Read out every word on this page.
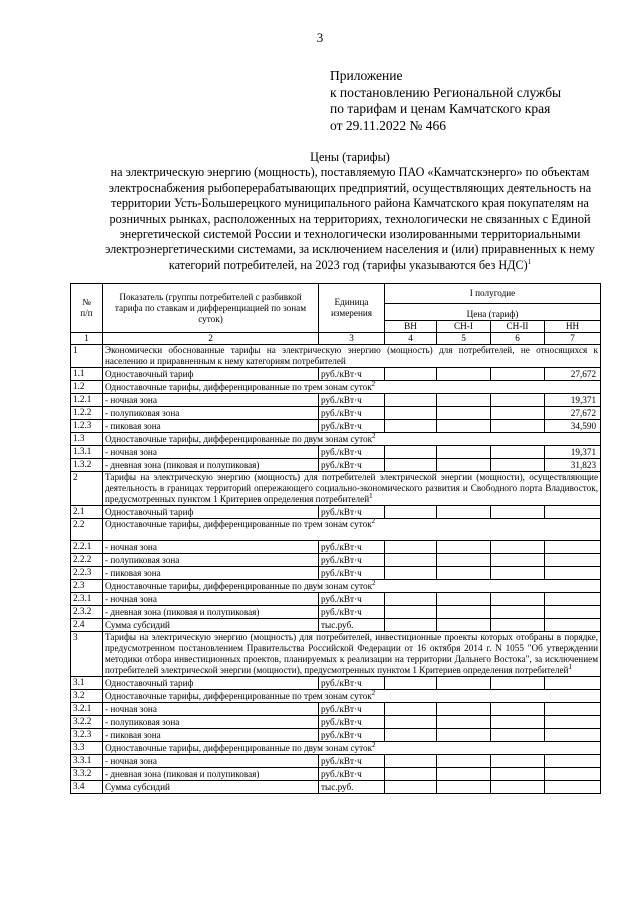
3
Приложение
к постановлению Региональной службы
по тарифам и ценам Камчатского края
от 29.11.2022 № 466
Цены (тарифы)
на электрическую энергию (мощность), поставляемую ПАО «Камчатскэнерго» по объектам электроснабжения рыбоперерабатывающих предприятий, осуществляющих деятельность на территории Усть-Большерецкого муниципального района Камчатского края покупателям на розничных рынках, расположенных на территориях, технологически не связанных с Единой энергетической системой России и технологически изолированными территориальными электроэнергетическими системами, за исключением населения и (или) приравненных к нему категорий потребителей, на 2023 год (тарифы указываются без НДС)$^1$
№
п/п	Показатель (группы потребителей с разбивкой тарифа по ставкам и дифференциацией по зонам суток)	Единица измерения	I полугодие			
			Цена (тариф)			
			ВН	СН-I	СН-II	НН
1	2	3	4	5	6	7
1	Экономически обоснованные тарифы на электрическую энергию (мощность) для потребителей, не относящихся к населению и приравненным к нему категориям потребителей					
1.1	Одноставочный тариф	руб./кВт·ч				27,672
1.2	Одноставочные тарифы, дифференцированные по трем зонам суток$^2$
1.2.1	- ночная зона	руб./кВт·ч				19,371
1.2.2	- полупиковая зона	руб./кВт·ч				27,672
1.2.3	- пиковая зона	руб./кВт·ч				34,590
1.3	Одноставочные тарифы, дифференцированные по двум зонам суток$^2$
1.3.1	- ночная зона	руб./кВт·ч				19,371
1.3.2	- дневная зона (пиковая и полупиковая)	руб./кВт·ч				31,823
2	Тарифы на электрическую энергию (мощность) для потребителей электрической энергии (мощности), осуществляющие деятельность в границах территорий опережающего социально-экономического развития и Свободного порта Владивосток, предусмотренных пунктом 1 Критериев определения потребителей$^1$
2.1	Одноставочный тариф	руб./кВт·ч				
2.2	Одноставочные тарифы, дифференцированные по трем зонам суток$^2$
2.2.1	- ночная зона	руб./кВт·ч				
2.2.2	- полупиковая зона	руб./кВт·ч				
2.2.3	- пиковая зона	руб./кВт·ч				
2.3	Одноставочные тарифы, дифференцированные по двум зонам суток$^2$
2.3.1	- ночная зона	руб./кВт·ч				
2.3.2	- дневная зона (пиковая и полупиковая)	руб./кВт·ч				
2.4	Сумма субсидий	тыс.руб.				
3	Тарифы на электрическую энергию (мощность) для потребителей, инвестиционные проекты которых отобраны в порядке, предусмотренном постановлением Правительства Российской Федерации от 16 октября 2014 г. N 1055 "Об утверждении методики отбора инвестиционных проектов, планируемых к реализации на территории Дальнего Востока", за исключением потребителей электрической энергии (мощности), предусмотренных пунктом 1 Критериев определения потребителей$^1$
3.1	Одноставочный тариф	руб./кВт·ч				
3.2	Одноставочные тарифы, дифференцированные по трем зонам суток$^2$
3.2.1	- ночная зона	руб./кВт·ч				
3.2.2	- полупиковая зона	руб./кВт·ч				
3.2.3	- пиковая зона	руб./кВт·ч				
3.3	Одноставочные тарифы, дифференцированные по двум зонам суток$^2$
3.3.1	- ночная зона	руб./кВт·ч				
3.3.2	- дневная зона (пиковая и полупиковая)	руб./кВт·ч				
3.4	Сумма субсидий	тыс.руб.				
